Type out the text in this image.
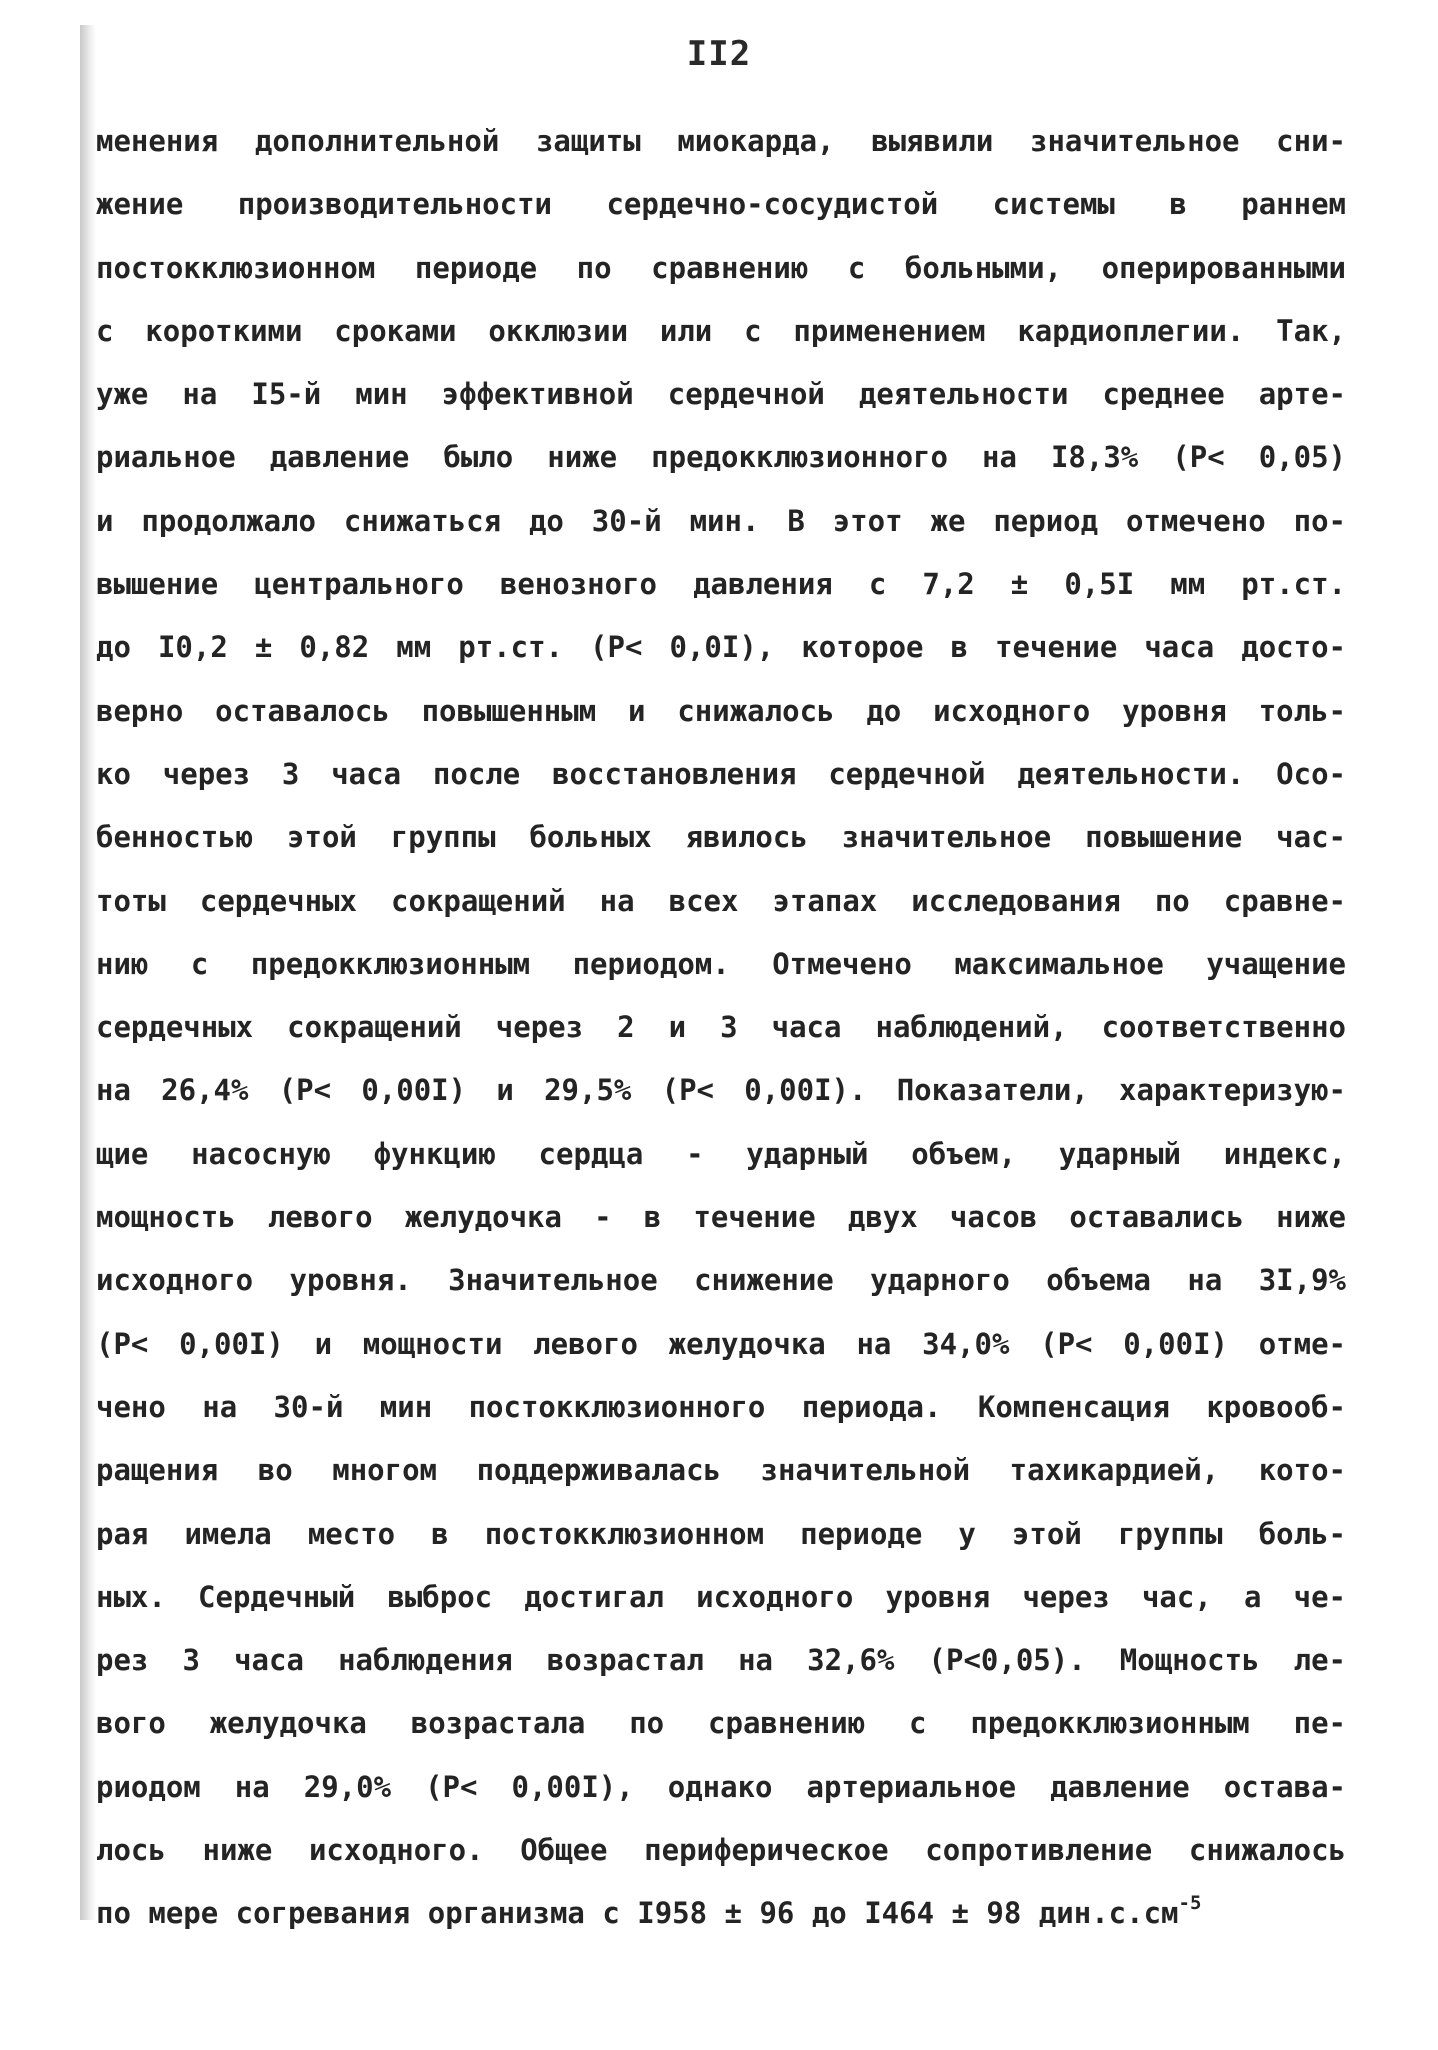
II2
менения дополнительной защиты миокарда, выявили значительное сни-
жение производительности сердечно-сосудистой системы в раннем
постокклюзионном периоде по сравнению с больными, оперированными
с короткими сроками окклюзии или с применением кардиоплегии. Так,
уже на I5-й мин эффективной сердечной деятельности среднее арте-
риальное давление было ниже предокклюзионного на I8,3% (P< 0,05)
и продолжало снижаться до 30-й мин. В этот же период отмечено по-
вышение центрального венозного давления с 7,2 ± 0,5I мм рт.ст.
до I0,2 ± 0,82 мм рт.ст. (P< 0,0I), которое в течение часа досто-
верно оставалось повышенным и снижалось до исходного уровня толь-
ко через 3 часа после восстановления сердечной деятельности. Осо-
бенностью этой группы больных явилось значительное повышение час-
тоты сердечных сокращений на всех этапах исследования по сравне-
нию с предокклюзионным периодом. Отмечено максимальное учащение
сердечных сокращений через 2 и 3 часа наблюдений, соответственно
на 26,4% (P< 0,00I) и 29,5% (P< 0,00I). Показатели, характеризую-
щие насосную функцию сердца - ударный объем, ударный индекс,
мощность левого желудочка - в течение двух часов оставались ниже
исходного уровня. Значительное снижение ударного объема на 3I,9%
(P< 0,00I) и мощности левого желудочка на 34,0% (P< 0,00I) отме-
чено на 30-й мин постокклюзионного периода. Компенсация кровооб-
ращения во многом поддерживалась значительной тахикардией, кото-
рая имела место в постокклюзионном периоде у этой группы боль-
ных. Сердечный выброс достигал исходного уровня через час, а че-
рез 3 часа наблюдения возрастал на 32,6% (P<0,05). Мощность ле-
вого желудочка возрастала по сравнению с предокклюзионным пе-
риодом на 29,0% (P< 0,00I), однако артериальное давление остава-
лось ниже исходного. Общее периферическое сопротивление снижалось
по мере согревания организма с I958 ± 96 до I464 ± 98 $дин.с.см^{-5}$
